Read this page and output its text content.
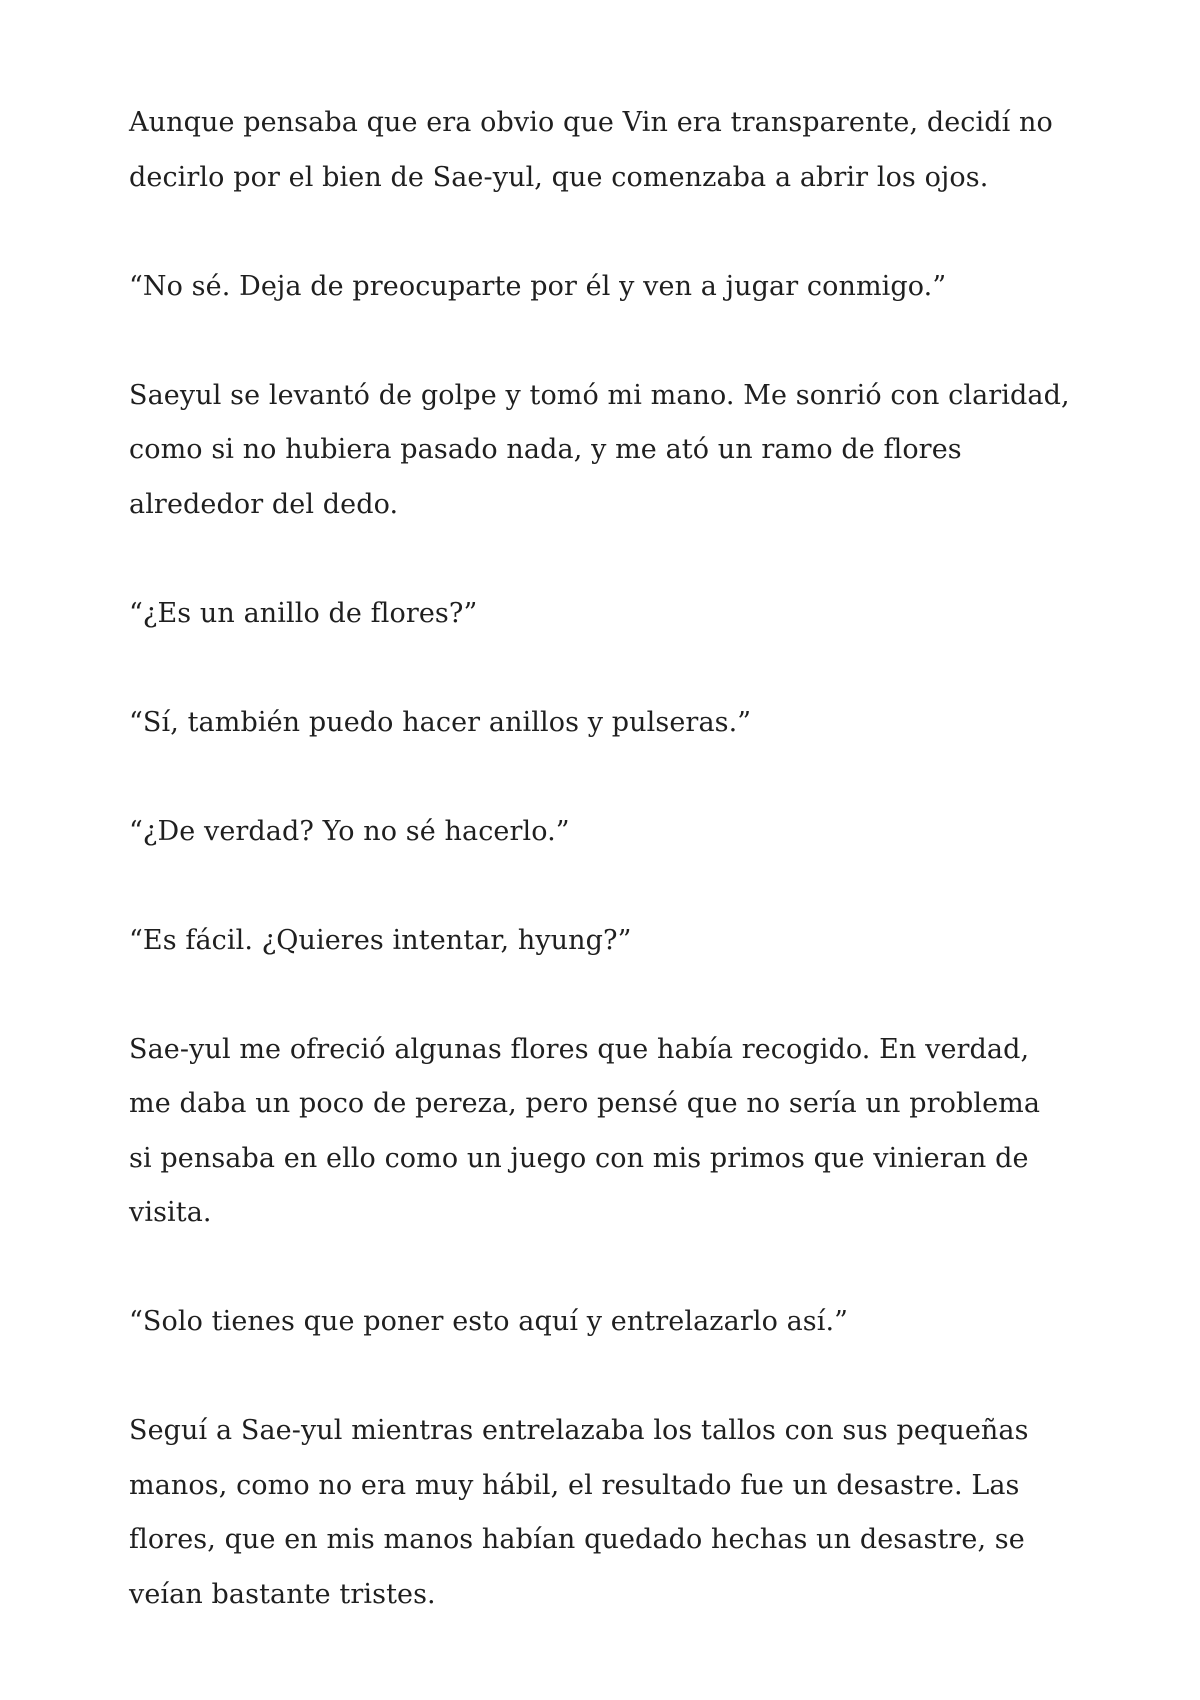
Aunque pensaba que era obvio que Vin era transparente, decidí no
decirlo por el bien de Sae-yul, que comenzaba a abrir los ojos.

“No sé. Deja de preocuparte por él y ven a jugar conmigo.”

Saeyul se levantó de golpe y tomó mi mano. Me sonrió con claridad,
como si no hubiera pasado nada, y me ató un ramo de flores
alrededor del dedo.

“¿Es un anillo de flores?”

“Sí, también puedo hacer anillos y pulseras.”

“¿De verdad? Yo no sé hacerlo.”

“Es fácil. ¿Quieres intentar, hyung?”

Sae-yul me ofreció algunas flores que había recogido. En verdad,
me daba un poco de pereza, pero pensé que no sería un problema
si pensaba en ello como un juego con mis primos que vinieran de
visita.

“Solo tienes que poner esto aquí y entrelazarlo así.”

Seguí a Sae-yul mientras entrelazaba los tallos con sus pequeñas
manos, como no era muy hábil, el resultado fue un desastre. Las
flores, que en mis manos habían quedado hechas un desastre, se
veían bastante tristes.
